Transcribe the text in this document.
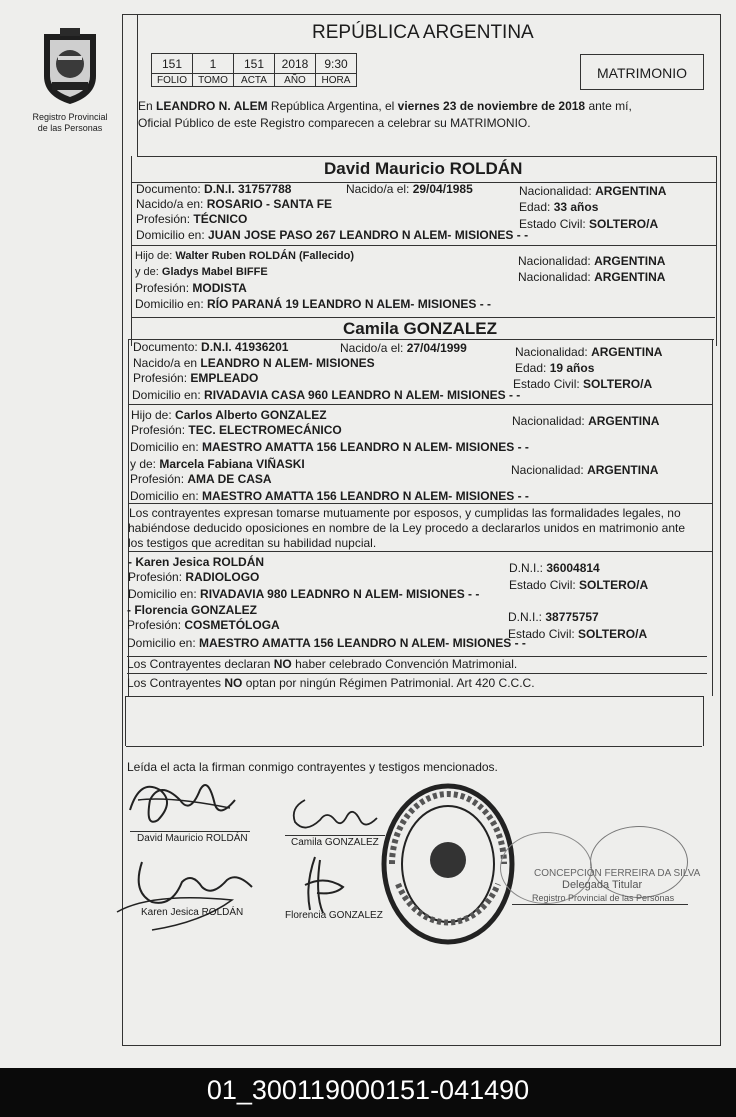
Registro Provincial
de las Personas
REPÚBLICA ARGENTINA
151	1	151	2018	9:30
FOLIO	TOMO	ACTA	AÑO	HORA	MATRIMONIO
En LEANDRO N. ALEM República Argentina, el viernes 23 de noviembre de 2018 ante mí,
Oficial Público de este Registro comparecen a celebrar su MATRIMONIO.
David Mauricio ROLDÁN
Documento: D.N.I. 31757788	Nacido/a el: 29/04/1985	Nacionalidad: ARGENTINA
Nacido/a en: ROSARIO - SANTA FE	Edad: 33 años
Profesión: TÉCNICO	Estado Civil: SOLTERO/A
Domicilio en: JUAN JOSE PASO 267 LEANDRO N ALEM- MISIONES - -
Hijo de: Walter Ruben ROLDÁN (Fallecido)	Nacionalidad: ARGENTINA
y de: Gladys Mabel BIFFE	Nacionalidad: ARGENTINA
Profesión: MODISTA
Domicilio en: RÍO PARANÁ 19 LEANDRO N ALEM- MISIONES - -
Camila GONZALEZ
Documento: D.N.I. 41936201	Nacido/a el: 27/04/1999	Nacionalidad: ARGENTINA
Nacido/a en LEANDRO N ALEM- MISIONES	Edad: 19 años
Profesión: EMPLEADO	Estado Civil: SOLTERO/A
Domicilio en: RIVADAVIA CASA 960 LEANDRO N ALEM- MISIONES - -
Hijo de: Carlos Alberto GONZALEZ	Nacionalidad: ARGENTINA
Profesión: TEC. ELECTROMECÁNICO
Domicilio en: MAESTRO AMATTA 156 LEANDRO N ALEM- MISIONES - -
y de: Marcela Fabiana VIÑASKI	Nacionalidad: ARGENTINA
Profesión: AMA DE CASA
Domicilio en: MAESTRO AMATTA 156 LEANDRO N ALEM- MISIONES - -
Los contrayentes expresan tomarse mutuamente por esposos, y cumplidas las formalidades legales, no
habiéndose deducido oposiciones en nombre de la Ley procedo a declararlos unidos en matrimonio ante
los testigos que acreditan su habilidad nupcial.
- Karen Jesica ROLDÁN	D.N.I.: 36004814
Profesión: RADIOLOGO
Estado Civil: SOLTERO/A
Domicilio en: RIVADAVIA 980 LEADNRO N ALEM- MISIONES - -
- Florencia GONZALEZ	D.N.I.: 38775757
Profesión: COSMETÓLOGA
Estado Civil: SOLTERO/A
Domicilio en: MAESTRO AMATTA 156 LEANDRO N ALEM- MISIONES - -
Los Contrayentes declaran NO haber celebrado Convención Matrimonial.
Los Contrayentes NO optan por ningún Régimen Patrimonial. Art 420 C.C.C.
Leída el acta la firman conmigo contrayentes y testigos mencionados.
David Mauricio ROLDÁN	Camila GONZALEZ
Karen Jesica ROLDÁN	Florencia GONZALEZ
CONCEPCIÓN FERREIRA DA SILVA
Delegada Titular
Registro Provincial de las Personas
01_300119000151-041490
